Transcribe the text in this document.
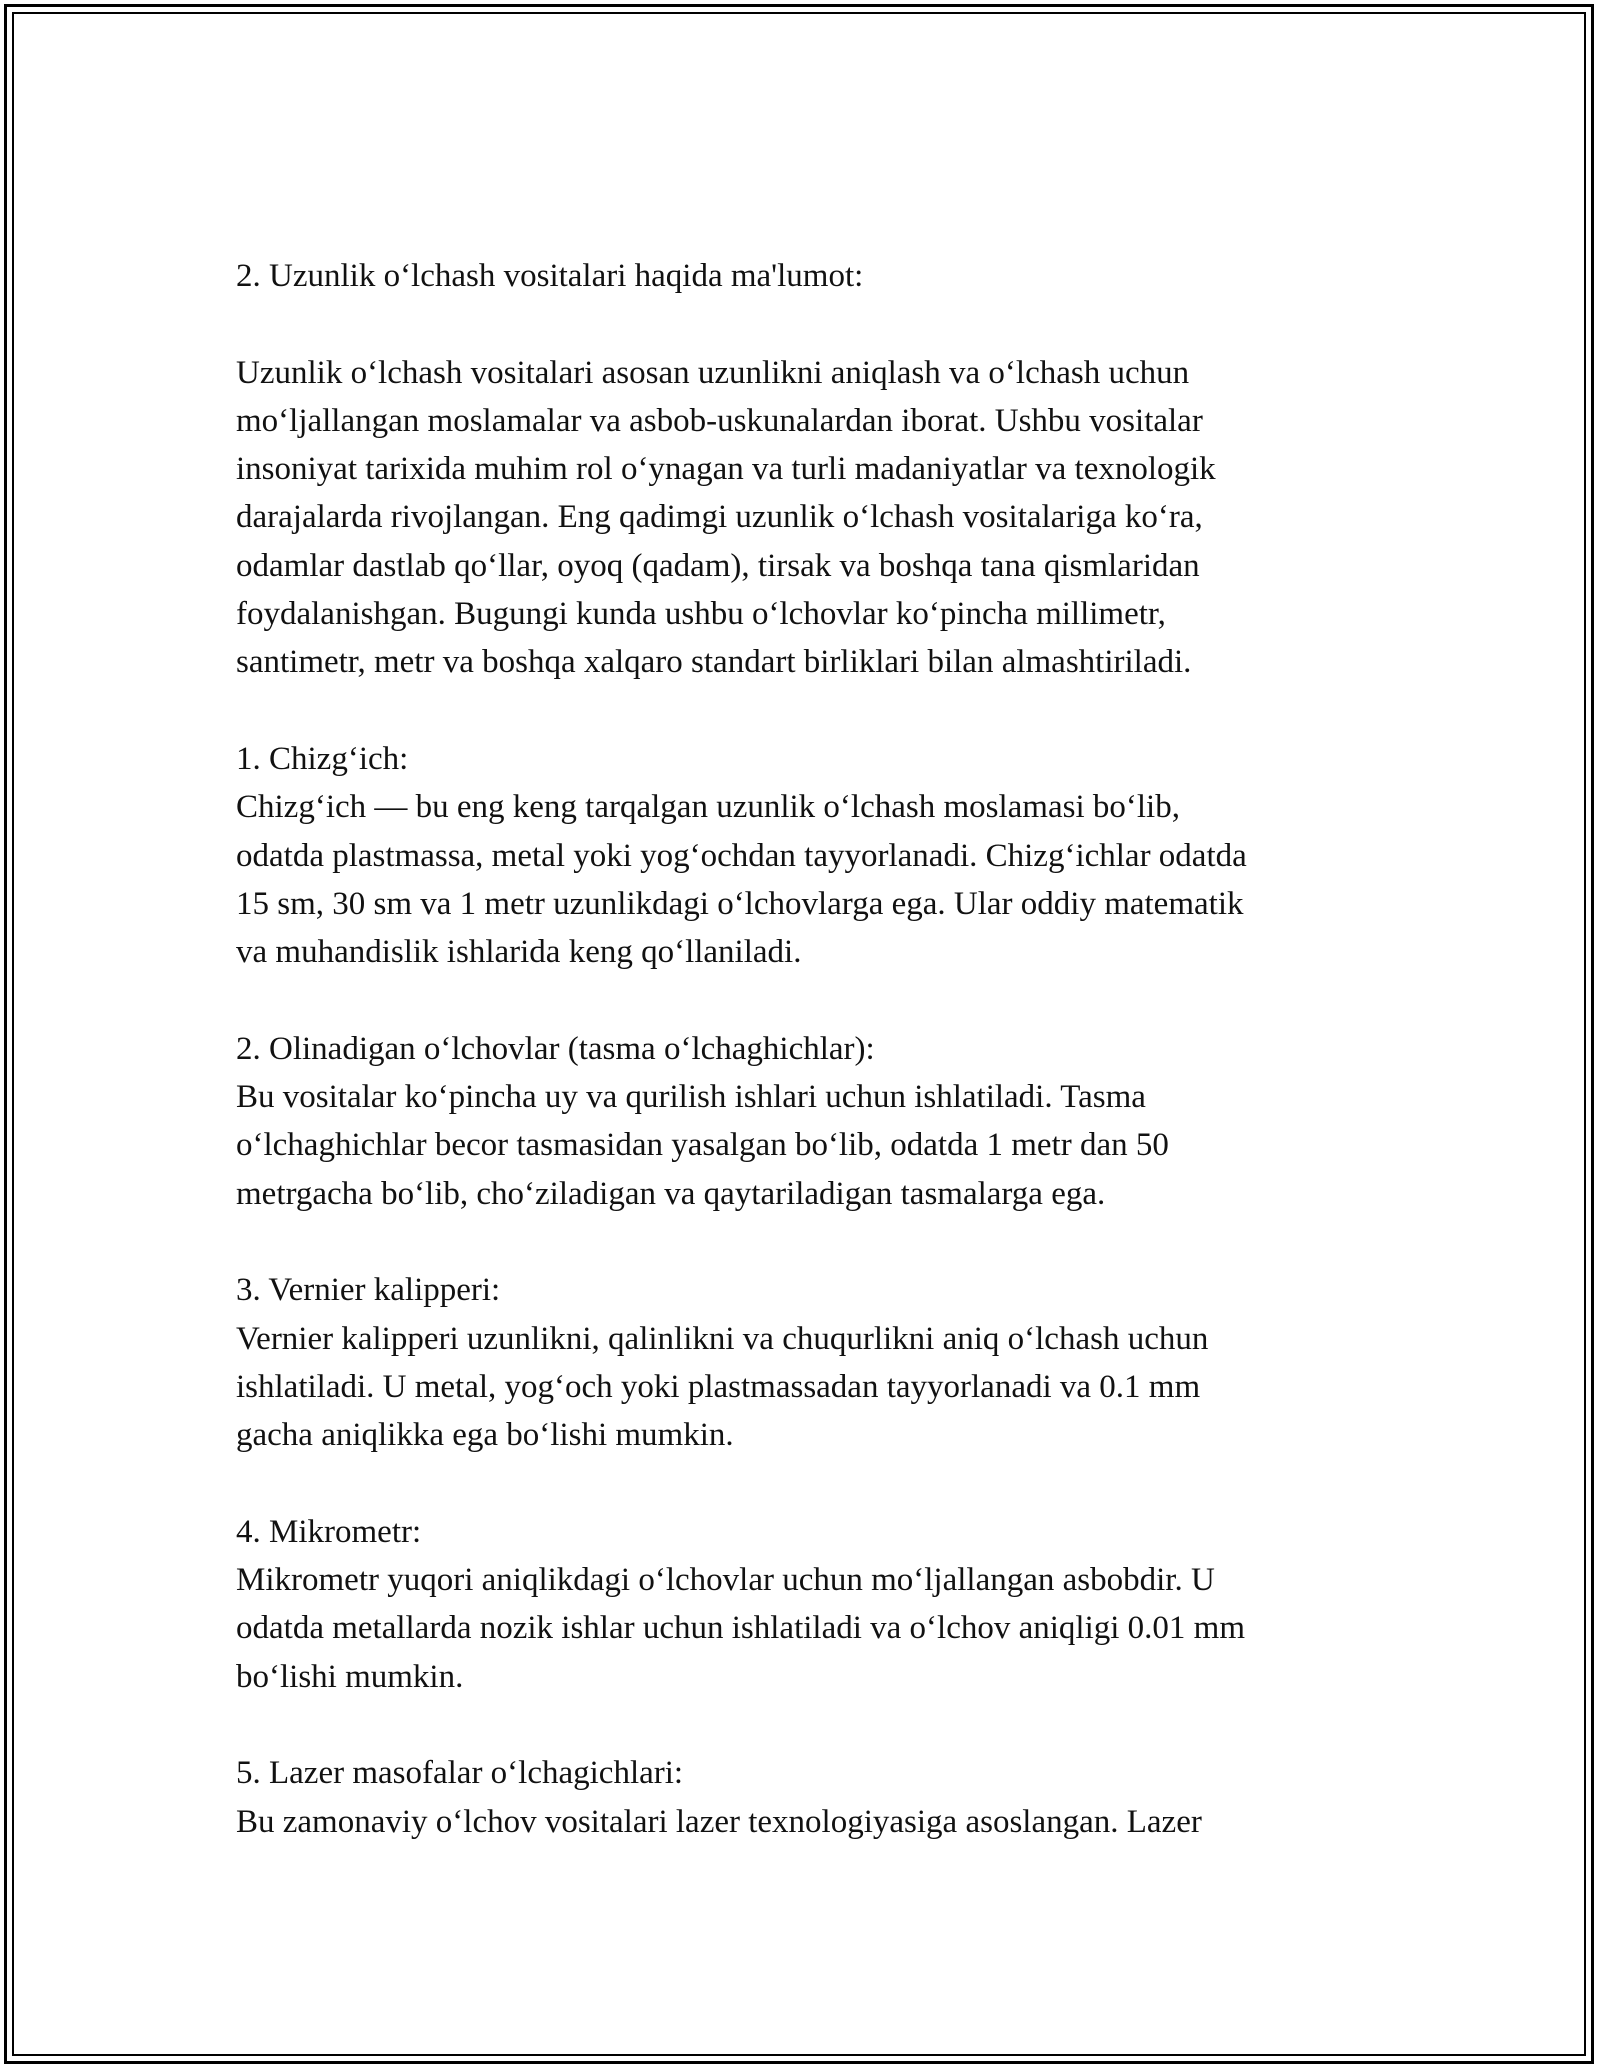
2. Uzunlik o‘lchash vositalari haqida ma'lumot:

Uzunlik o‘lchash vositalari asosan uzunlikni aniqlash va o‘lchash uchun

mo‘ljallangan moslamalar va asbob-uskunalardan iborat. Ushbu vositalar

insoniyat tarixida muhim rol o‘ynagan va turli madaniyatlar va texnologik

darajalarda rivojlangan. Eng qadimgi uzunlik o‘lchash vositalariga ko‘ra,

odamlar dastlab qo‘llar, oyoq (qadam), tirsak va boshqa tana qismlaridan

foydalanishgan. Bugungi kunda ushbu o‘lchovlar ko‘pincha millimetr,

santimetr, metr va boshqa xalqaro standart birliklari bilan almashtiriladi.

1. Chizg‘ich:

Chizg‘ich — bu eng keng tarqalgan uzunlik o‘lchash moslamasi bo‘lib,

odatda plastmassa, metal yoki yog‘ochdan tayyorlanadi. Chizg‘ichlar odatda

15 sm, 30 sm va 1 metr uzunlikdagi o‘lchovlarga ega. Ular oddiy matematik

va muhandislik ishlarida keng qo‘llaniladi.

2. Olinadigan o‘lchovlar (tasma o‘lchaghichlar):

Bu vositalar ko‘pincha uy va qurilish ishlari uchun ishlatiladi. Tasma

o‘lchaghichlar becor tasmasidan yasalgan bo‘lib, odatda 1 metr dan 50

metrgacha bo‘lib, cho‘ziladigan va qaytariladigan tasmalarga ega.

3. Vernier kalipperi:

Vernier kalipperi uzunlikni, qalinlikni va chuqurlikni aniq o‘lchash uchun

ishlatiladi. U metal, yog‘och yoki plastmassadan tayyorlanadi va 0.1 mm

gacha aniqlikka ega bo‘lishi mumkin.

4. Mikrometr:

Mikrometr yuqori aniqlikdagi o‘lchovlar uchun mo‘ljallangan asbobdir. U

odatda metallarda nozik ishlar uchun ishlatiladi va o‘lchov aniqligi 0.01 mm

bo‘lishi mumkin.

5. Lazer masofalar o‘lchagichlari:

Bu zamonaviy o‘lchov vositalari lazer texnologiyasiga asoslangan. Lazer
